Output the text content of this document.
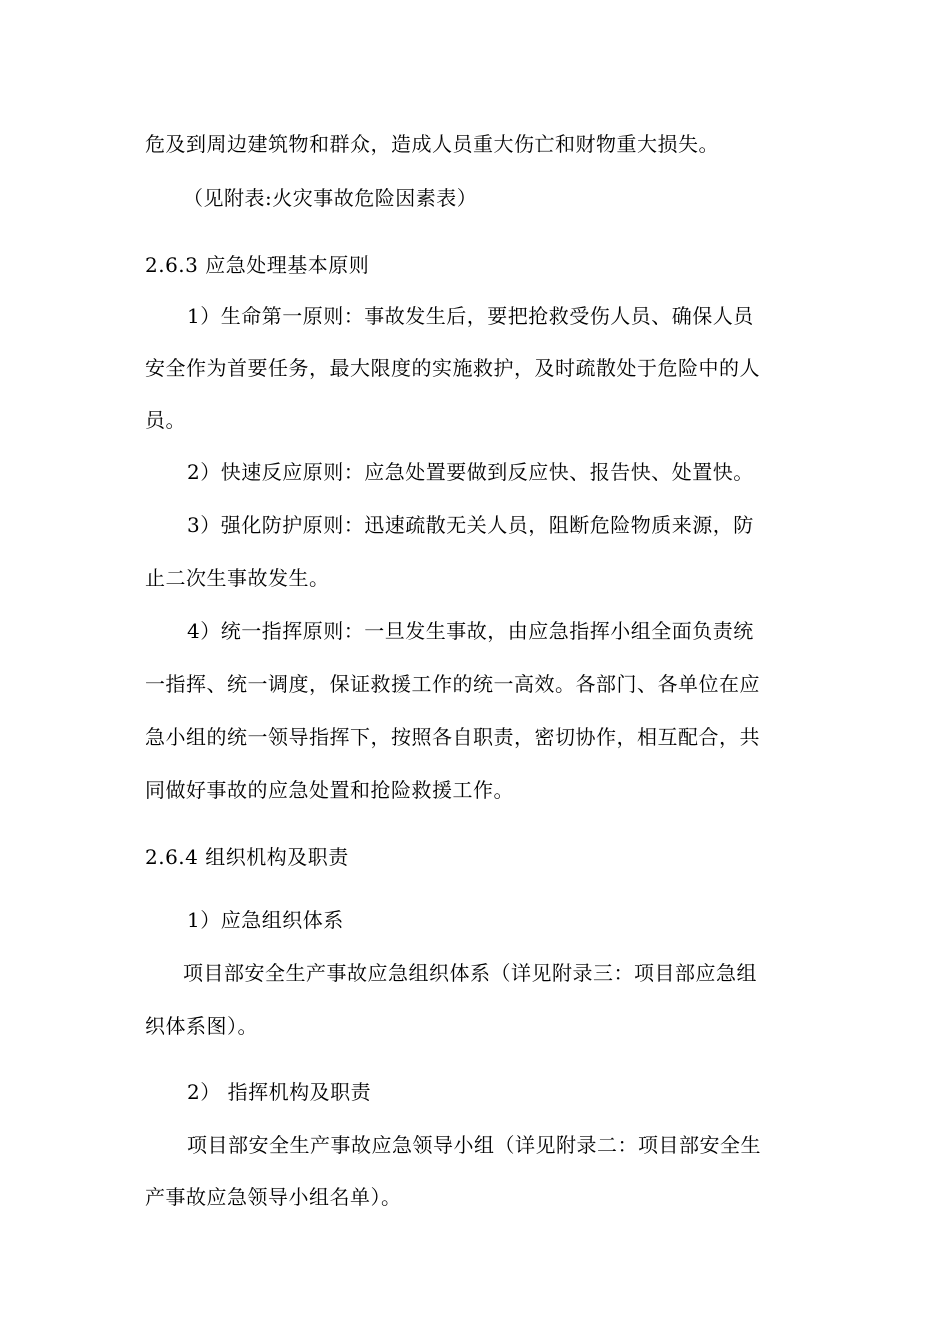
危及到周边建筑物和群众，造成人员重大伤亡和财物重大损失。
（见附表:火灾事故危险因素表）
2.6.3 应急处理基本原则
1）生命第一原则：事故发生后，要把抢救受伤人员、确保人员
安全作为首要任务，最大限度的实施救护，及时疏散处于危险中的人
员。
2）快速反应原则：应急处置要做到反应快、报告快、处置快。
3）强化防护原则：迅速疏散无关人员，阻断危险物质来源，防
止二次生事故发生。
4）统一指挥原则：一旦发生事故，由应急指挥小组全面负责统
一指挥、统一调度，保证救援工作的统一高效。各部门、各单位在应
急小组的统一领导指挥下，按照各自职责，密切协作，相互配合，共
同做好事故的应急处置和抢险救援工作。
2.6.4 组织机构及职责
1）应急组织体系
项目部安全生产事故应急组织体系（详见附录三：项目部应急组
织体系图）。
2） 指挥机构及职责
项目部安全生产事故应急领导小组（详见附录二：项目部安全生
产事故应急领导小组名单）。
